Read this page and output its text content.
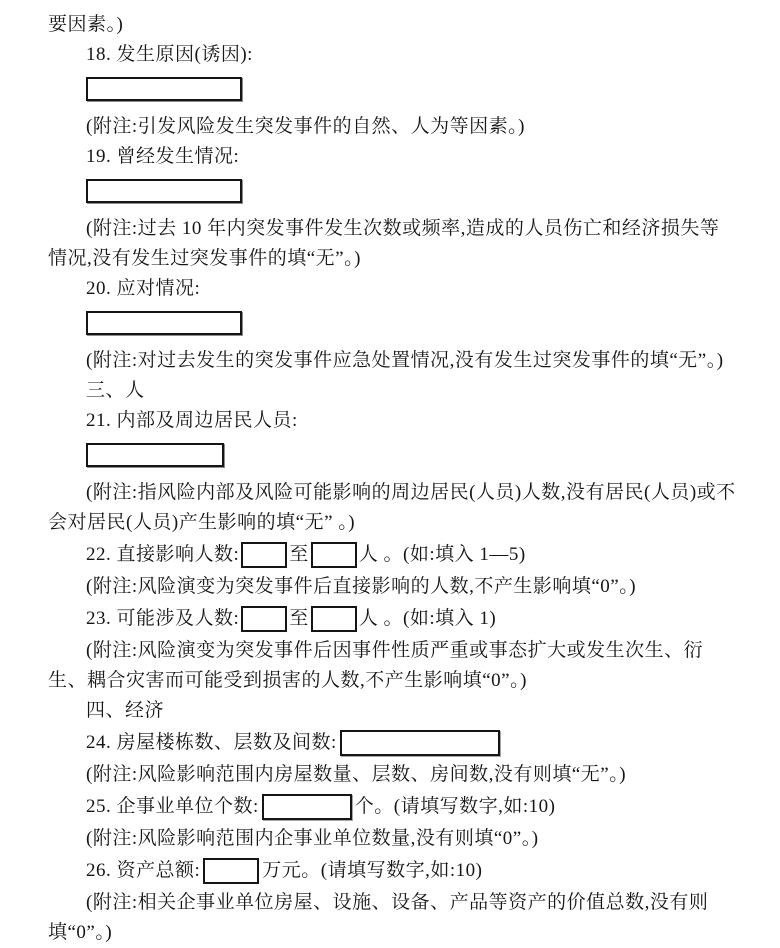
要因素。)

18. 发生原因(诱因):

(附注:引发风险发生突发事件的自然、人为等因素。)

19. 曾经发生情况:

(附注:过去 10 年内突发事件发生次数或频率,造成的人员伤亡和经济损失等情况,没有发生过突发事件的填“无”。)

20. 应对情况:

(附注:对过去发生的突发事件应急处置情况,没有发生过突发事件的填“无”。)

三、人

21. 内部及周边居民人员:

(附注:指风险内部及风险可能影响的周边居民(人员)人数,没有居民(人员)或不会对居民(人员)产生影响的填“无” 。)

22. 直接影响人数:	至	人 。(如:填入 1—5)

(附注:风险演变为突发事件后直接影响的人数,不产生影响填“0”。)

23. 可能涉及人数:	至	人 。(如:填入 1)

(附注:风险演变为突发事件后因事件性质严重或事态扩大或发生次生、衍生、耦合灾害而可能受到损害的人数,不产生影响填“0”。)

四、经济

24. 房屋楼栋数、层数及间数:

(附注:风险影响范围内房屋数量、层数、房间数,没有则填“无”。)

25. 企事业单位个数:	个。(请填写数字,如:10)

(附注:风险影响范围内企事业单位数量,没有则填“0”。)

26. 资产总额:	万元。(请填写数字,如:10)

(附注:相关企事业单位房屋、设施、设备、产品等资产的价值总数,没有则填“0”。)
